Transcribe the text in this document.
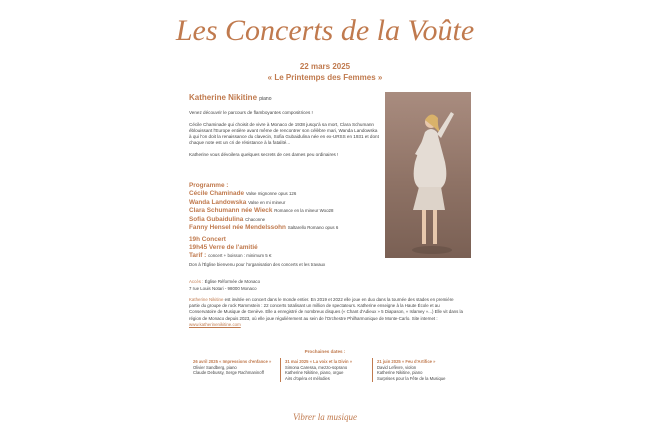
Les Concerts de la Voûte
22 mars 2025
« Le Printemps des Femmes »
Katherine Nikitine piano

Venez découvrir le parcours de flamboyantes compositrices !

Cécile Chaminade qui choisit de vivre à Monaco de 1938 jusqu'à sa mort, Clara Schumann éblouissant l'Europe entière avant même de rencontrer son célèbre mari, Wanda Landowska à qui l'on doit la renaissance du clavecin, Sofia Gubaidulina née en ex-URSS en 1931 et dont chaque note est un cri de résistance à la fatalité...

Katherine vous dévoilera quelques secrets de ces dames peu ordinaires !

Programme :
Cécile Chaminade Valse mignonne opus 126
Wanda Landowska Valse en mi mineur
Clara Schumann née Wieck Romance en la mineur Woo28
Sofia Gubaidulina Chaconne
Fanny Hensel née Mendelssohn Saltarello Romano opus 6
19h Concert
19h45 Verre de l'amitié
Tarif : concert + boisson : minimum 5 €
Don à l'Église bienvenu pour l'organisation des concerts et les travaux
Accès : Église Réformée de Monaco
7 rue Louis Notari - 98000 Monaco
Katherine Nikitine est invitée en concert dans le monde entier. En 2019 et 2022 elle joue en duo dans la tournée des stades en première partie du groupe de rock Rammstein : 22 concerts totalisant un million de spectateurs. Katherine enseigne à la Haute École et au Conservatoire de Musique de Genève. Elle a enregistré de nombreux disques (« Chant d'Adieux » 5 Diapason, « Islamey »...) Elle vit dans la région de Monaco depuis 2023, où elle joue régulièrement au sein de l'Orchestre Philharmonique de Monte-Carlo. Site internet : www.katherinenikitine.com
Prochaines dates :
26 avril 2025 « Impressions d'enfance »
Olivier Sandberg, piano
Claude Debussy, Serge Rachmaninoff
31 mai 2025 « La voix et la Divin »
Simona Caressa, mezzo-soprano
Katherine Nikitine, piano, orgue
Airs d'opéra et mélodies
21 juin 2025 « Feu d'Artifice »
David Lefèvre, violon
Katherine Nikitine, piano
Surprises pour la Fête de la Musique
Vibrer la musique
